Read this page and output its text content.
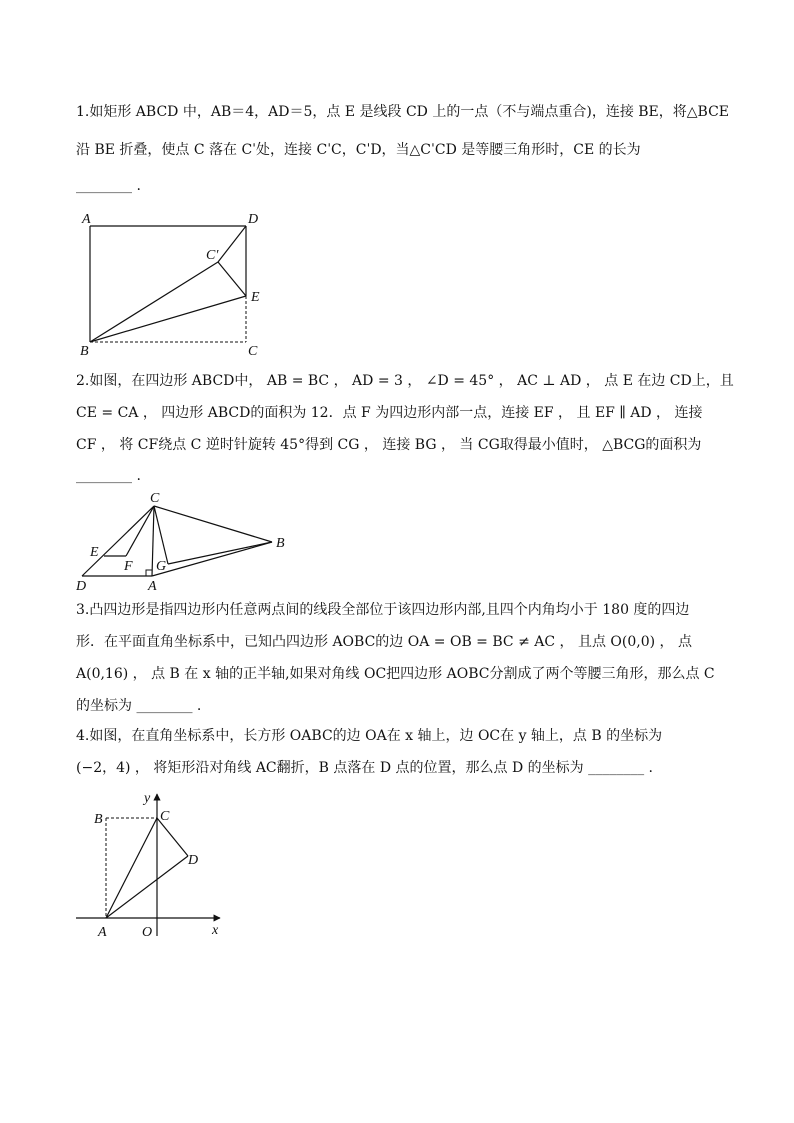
1.如矩形 ABCD 中，AB＝4，AD＝5，点 E 是线段 CD 上的一点（不与端点重合)，连接 BE，将△BCE
沿 BE 折叠，使点 C 落在 Cˈ处，连接 CˈC，CˈD，当△CˈCD 是等腰三角形时，CE 的长为
________ .
A	D
C′
E
B	C
2.如图，在四边形 ABCD中， AB = BC ， AD = 3 ， ∠D = 45° ， AC ⊥ AD ， 点 E 在边 CD上，且
CE = CA ， 四边形 ABCD的面积为 12．点 F 为四边形内部一点，连接 EF ， 且 EF ∥ AD ， 连接
CF ， 将 CF绕点 C 逆时针旋转 45°得到 CG ， 连接 BG ， 当 CG取得最小值时， △BCG的面积为
________ .
C
E
F G
B
D	A
3.凸四边形是指四边形内任意两点间的线段全部位于该四边形内部,且四个内角均小于 180 度的四边
形．在平面直角坐标系中，已知凸四边形 AOBC的边 OA = OB = BC ≠ AC ， 且点 O(0,0) ， 点
A(0,16) ， 点 B 在 x 轴的正半轴,如果对角线 OC把四边形 AOBC分割成了两个等腰三角形，那么点 C
的坐标为 ________ .
4.如图，在直角坐标系中，长方形 OABC的边 OA在 x 轴上，边 OC在 y 轴上，点 B 的坐标为
(−2，4) ， 将矩形沿对角线 AC翻折，B 点落在 D 点的位置，那么点 D 的坐标为 ________ .
y
B	C
D
A	O	x
